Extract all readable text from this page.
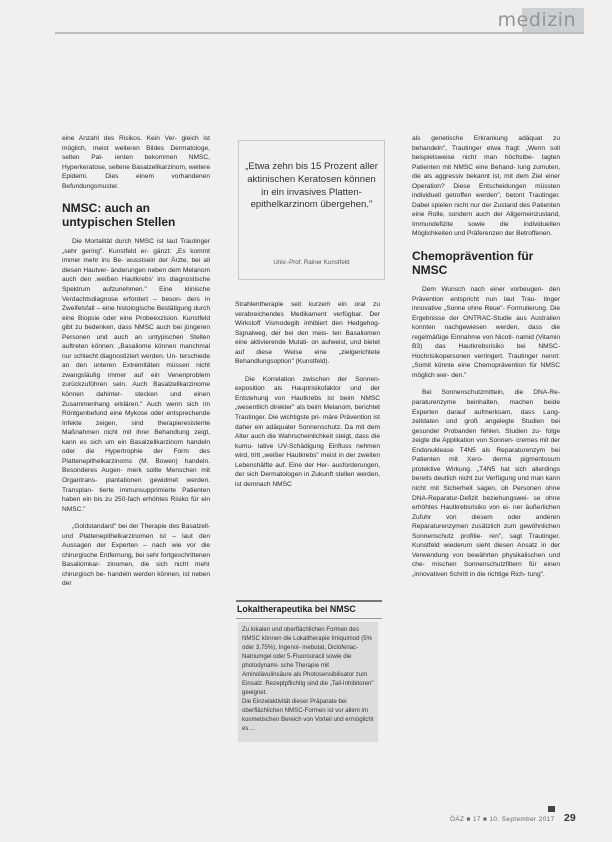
medizin

eine Anzahl des Risikos. Kein Ver- gleich ist möglich, meist weiteren Bildes Dermatologe, selten Pat- ienten bekommen NMSC, Hyperkeratose, seltene Basalzellkarzinom, weitere Epidemi. Dies einem vorhandenen Befundungsmuster.

NMSC: auch an untypischen Stellen

Die Mortalität durch NMSC ist laut Trautinger „sehr gering". Kunstfeld er- gänzt: „Es kommt immer mehr ins Be- wusstsein der Ärzte, bei all diesen Hautver- änderungen neben dem Melanom auch den ‚weißen Hautkrebs‘ ins diagnostische Spektrum aufzunehmen." Eine klinische Verdachtsdiagnose erfordert – beson- ders in Zweifelsfall – eine histologische Bestätigung durch eine Biopsie oder eine Probeexzision. Kunstfeld gibt zu bedenken, dass NMSC auch bei jüngeren Personen und auch an untypischen Stellen auftreten können: „Basaliome können manchmal nur schlecht diagnostiziert werden. Un- terschiede an den unteren Extremitäten müssen nicht zwangsläufig immer auf ein Venenproblem zurückzuführen sein. Auch Basalzellkarzinome können dahinter- stecken und einen Zusammenhang erklären." Auch wenn sich im Röntgenbefund eine Mykose oder entsprechende Infekte zeigen, sind therapieresistente Maßnahmen nicht mit ihrer Behandlung zeigt, kann es sich um ein Basalzellkarzinom handeln oder die Hypertrophie der Form des Plattenepithelkarzinoms (M. Bowen) handeln. Besonderes Augen- merk sollte Menschen mit Organtrans- plantationen gewidmet werden. Transplan- tierte immunsupprimierte Patienten haben ein bis zu 250-fach erhöhtes Risiko für ein NMSC."

„Goldstandard" bei der Therapie des Basalzell- und Plattenepithelkarzinomen ist – laut den Aussagen der Experten – nach wie vor die chirurgische Entfernung, bei sehr fortgeschrittenen Basaliomkar- zinomen, die sich nicht mehr chirurgisch be- handeln werden können, ist neben der

„Etwa zehn bis 15 Prozent aller aktinischen Keratosen können in ein invasives Platten- epithelkarzinom übergehen."
Univ.-Prof. Rainer Kunstfeld

Strahlentherapie seit kurzem ein oral zu verabreichendes Medikament verfügbar. Der Wirkstoff Vismodegib inhibiert den Hedgehog-Signalweg, der bei den meis- ten Basaliomen eine aktivierende Mutati- on aufweist, und bietet auf diese Weise eine „zielgerichtete Behandlungsoption" (Kunstfeld).

Die Korrelation zwischen der Sonnen- exposition als Hauptrisikofaktor und der Entstehung von Hautkrebs ist beim NMSC „wesentlich direkter" als beim Melanom, berichtet Trautinger. Die wichtigste pri- märe Prävention ist daher ein adäquater Sonnenschutz. Da mit dem Alter auch die Wahrscheinlichkeit steigt, dass die kumu- lative UV-Schädigung Einfluss nehmen wird, tritt „weißer Hautkrebs" meist in der zweiten Lebenshälfte auf. Eine der Her- ausforderungen, der sich Dermatologen in Zukunft stellen werden, ist demnach NMSC

Lokaltherapeutika bei NMSC

Zu lokalen und oberflächlichen Formen des NMSC können die Lokaltherapie Imiquimod (5% oder 3,75%), Ingenol- mebutat, Diclofenac-Natriumgel oder 5-Fluorouracil sowie die photodynami- sche Therapie mit Aminolävulinsäure als Photosensibilisator zum Einsatz. Rezeptpflichtig sind die „Tail-Inhibitoren" geeignet.

Die Einzelaktivität dieser Präparate bei oberflächlichen NMSC-Formen ist vor allem im kosmetischen Bereich von Vorteil und ermöglicht es ...

als genetische Erkrankung adäquat zu behandeln", Trautinger etwa fragt: „Wenn soll beispielsweise nicht man höchstbe- tagten Patienten mit NMSC eine Behand- lung zumuten, die als aggressiv bekannt ist, mit dem Ziel einer Operation? Diese Entscheidungen müssten individuell getroffen werden", betont Trautinger. Dabei spielen nicht nur der Zustand des Patienten eine Rolle, sondern auch der Allgemeinzustand, Immundefizite sowie die individuellen Möglichkeiten und Präferenzen der Betroffenen.

Chemoprävention für NMSC

Dem Wunsch nach einer vorbeugen- den Prävention entspricht nun laut Trau- tinger innovative „Sonne ohne Reue"- Formulierung. Die Ergebnisse der ONTRAC-Studie aus Australien konnten nachgewiesen werden, dass die regelmäßige Einnahme von Nicoti- namid (Vitamin B3) das Hautkrebsrisiko bei NMSC-Hochrisikopersonen verringert. Trautinger nennt: „Somit könnte eine Chemoprävention für NMSC möglich wer- den."

Bei Sonnenschutzmitteln, die DNA-Re- paraturenzyme beinhalten, machen beide Experten darauf aufmerksam, dass Lang- zeitdaten und groß angelegte Studien bei gesunder Probanden fehlen. Studien zu- folge zeigte die Applikation von Sonnen- cremes mit der Endonuklease T4N5 als Reparaturenzym bei Patienten mit Xero- derma pigmentosum protektive Wirkung. „T4N5 hat sich allerdings bereits deutlich nicht zur Verfügung und man kann nicht mit Sicherheit sagen, ob Personen ohne DNA-Reparatur-Defizit beziehungswei- se ohne erhöhtes Hautkrebsrisiko von ei- ner äußerlichen Zufuhr von diesem oder anderen Reparaturenzymen zusätzlich zum gewöhnlichen Sonnenschutz profitie- ren", sagt Trautinger. Kunstfeld wiederum sieht diesen Ansatz in der Verwendung von bewährten physikalischen und che- mischen Sonnenschutzfiltern für einen „innovativen Schritt in die richtige Rich- tung".

ÖÄZ ■ 17 ■ 10. September 2017 29
